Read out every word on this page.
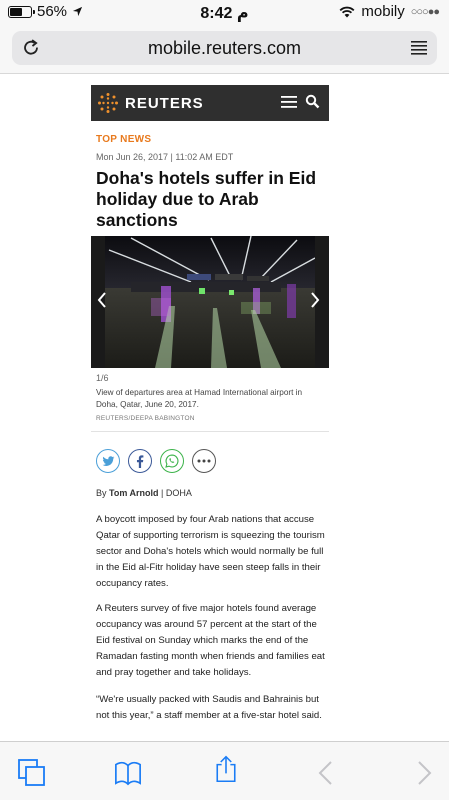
56%	8:42 م	mobily ○○○●●
mobile.reuters.com
REUTERS
TOP NEWS
Mon Jun 26, 2017 | 11:02 AM EDT
Doha's hotels suffer in Eid holiday due to Arab sanctions
1/6
View of departures area at Hamad International airport in Doha, Qatar, June 20, 2017.
REUTERS/DEEPA BABINGTON
By Tom Arnold | DOHA

A boycott imposed by four Arab nations that accuse Qatar of supporting terrorism is squeezing the tourism sector and Doha's hotels which would normally be full in the Eid al-Fitr holiday have seen steep falls in their occupancy rates.

A Reuters survey of five major hotels found average occupancy was around 57 percent at the start of the Eid festival on Sunday which marks the end of the Ramadan fasting month when friends and families eat and pray together and take holidays.

“We're usually packed with Saudis and Bahrainis but not this year,” a staff member at a five-star hotel said.
